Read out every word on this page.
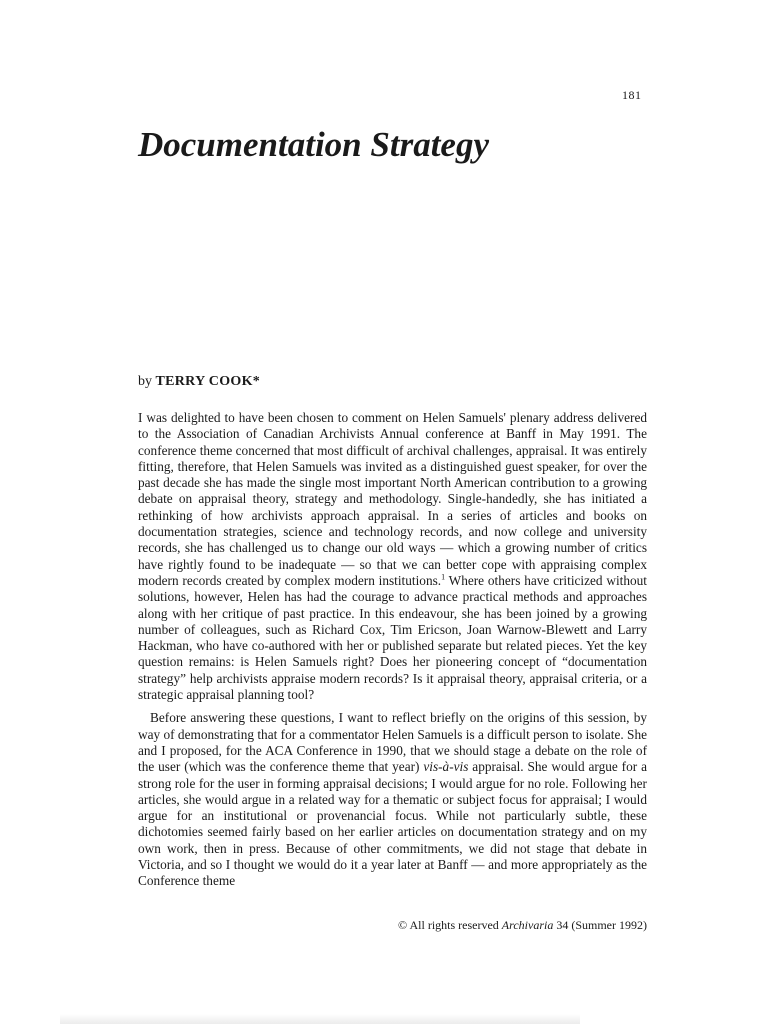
181
Documentation Strategy
by TERRY COOK*

I was delighted to have been chosen to comment on Helen Samuels' plenary address delivered to the Association of Canadian Archivists Annual conference at Banff in May 1991. The conference theme concerned that most difficult of archival challenges, appraisal. It was entirely fitting, therefore, that Helen Samuels was invited as a distinguished guest speaker, for over the past decade she has made the single most important North American contribution to a growing debate on appraisal theory, strategy and methodology. Single-handedly, she has initiated a rethinking of how archivists approach appraisal. In a series of articles and books on documentation strategies, science and technology records, and now college and university records, she has challenged us to change our old ways — which a growing number of critics have rightly found to be inadequate — so that we can better cope with appraising complex modern records created by complex modern institutions.$^1$ Where others have criticized without solutions, however, Helen has had the courage to advance practical methods and approaches along with her critique of past practice. In this endeavour, she has been joined by a growing number of colleagues, such as Richard Cox, Tim Ericson, Joan Warnow-Blewett and Larry Hackman, who have co-authored with her or published separate but related pieces. Yet the key question remains: is Helen Samuels right? Does her pioneering concept of “documentation strategy” help archivists appraise modern records? Is it appraisal theory, appraisal criteria, or a strategic appraisal planning tool?

Before answering these questions, I want to reflect briefly on the origins of this session, by way of demonstrating that for a commentator Helen Samuels is a difficult person to isolate. She and I proposed, for the ACA Conference in 1990, that we should stage a debate on the role of the user (which was the conference theme that year) vis-à-vis appraisal. She would argue for a strong role for the user in forming appraisal decisions; I would argue for no role. Following her articles, she would argue in a related way for a thematic or subject focus for appraisal; I would argue for an institutional or provenancial focus. While not particularly subtle, these dichotomies seemed fairly based on her earlier articles on documentation strategy and on my own work, then in press. Because of other commitments, we did not stage that debate in Victoria, and so I thought we would do it a year later at Banff — and more appropriately as the Conference theme

© All rights reserved Archivaria 34 (Summer 1992)
